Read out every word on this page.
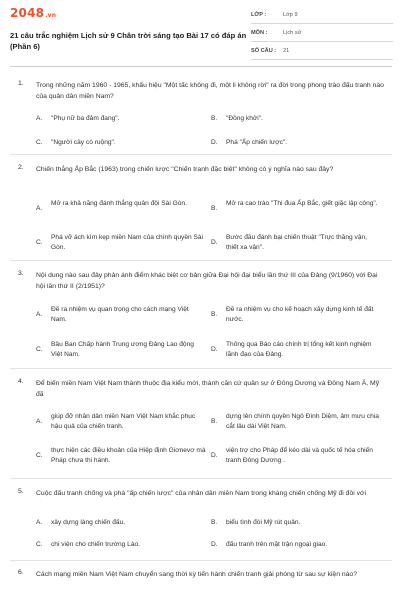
2048.vn
21 câu trắc nghiệm Lịch sử 9 Chân trời sáng tạo Bài 17 có đáp án (Phần 6)
LỚP :	Lớp 9
MÔN :	Lịch sử
SỐ CÂU :	21
1. Trong những năm 1960 - 1965, khẩu hiệu "Một tấc không đi, một li không rời" ra đời trong phong trào đấu tranh nào của quân dân miền Nam?
A. "Phụ nữ ba đảm đang".	B. "Đồng khởi".
C. "Người cày có ruộng".	D. Phá "Ấp chiến lược".
2. Chiến thắng Ấp Bắc (1963) trong chiến lược "Chiến tranh đặc biệt" không có ý nghĩa nào sau đây?
A.
Mở ra khả năng đánh thắng quân đội Sài Gòn.
B.
Mở ra cao trào "Thi đua Ấp Bắc, giết giặc lập công".
C.
Phá vỡ ách kìm kẹp miền Nam của chính quyền Sài Gòn.
D.
Bước đầu đánh bại chiến thuật "Trực thăng vận, thiết xa vận".
3. Nội dung nào sau đây phản ánh điểm khác biệt cơ bản giữa Đại hội đại biểu lần thứ III của Đảng (9/1960) với Đại hội lần thứ II (2/1951)?
A.
Đề ra nhiệm vụ quan trọng cho cách mạng Việt Nam.
B.
Đề ra nhiệm vụ cho kế hoạch xây dựng kinh tế đất nước.
C.
Bầu Ban Chấp hành Trung ương Đảng Lao động Việt Nam.
D.
Thông qua Báo cáo chính trị tổng kết kinh nghiệm lãnh đạo của Đảng.
4. Để biến miền Nam Việt Nam thành thuộc địa kiểu mới, thành căn cứ quân sự ở Đông Dương và Đông Nam Á, Mỹ đã
A.
giúp đỡ nhân dân miền Nam Việt Nam khắc phục hậu quả của chiến tranh.
B.
dựng lên chính quyền Ngô Đình Diệm, âm mưu chia cắt lâu dài Việt Nam.
C.
thực hiện các điều khoản của Hiệp định Giơnevơ mà Pháp chưa thi hành.
D.
viện trợ cho Pháp để kéo dài và quốc tế hóa chiến tranh Đông Dương .
5. Cuộc đấu tranh chống và phá "ấp chiến lược" của nhân dân miền Nam trong kháng chiến chống Mỹ đi đôi với
A. xây dựng làng chiến đấu.	B. biểu tình đòi Mỹ rút quân.
C. chi viện cho chiến trường Lào.	D. đấu tranh trên mặt trận ngoại giao.
6. Cách mạng miền Nam Việt Nam chuyển sang thời kỳ tiến hành chiến tranh giải phóng từ sau sự kiện nào?
